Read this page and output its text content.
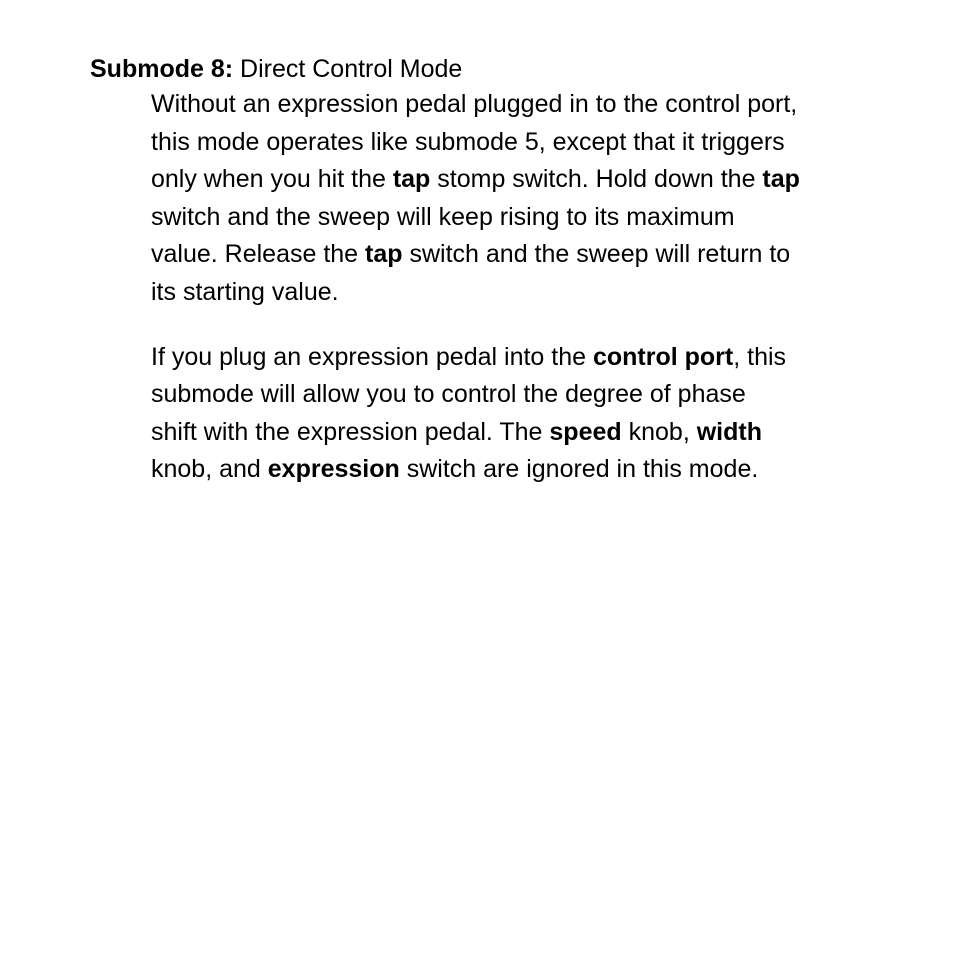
Submode 8: Direct Control Mode
Without an expression pedal plugged in to the control port,
this mode operates like submode 5, except that it triggers
only when you hit the tap stomp switch. Hold down the tap
switch and the sweep will keep rising to its maximum
value. Release the tap switch and the sweep will return to
its starting value.
If you plug an expression pedal into the control port, this
submode will allow you to control the degree of phase
shift with the expression pedal. The speed knob, width
knob, and expression switch are ignored in this mode.
